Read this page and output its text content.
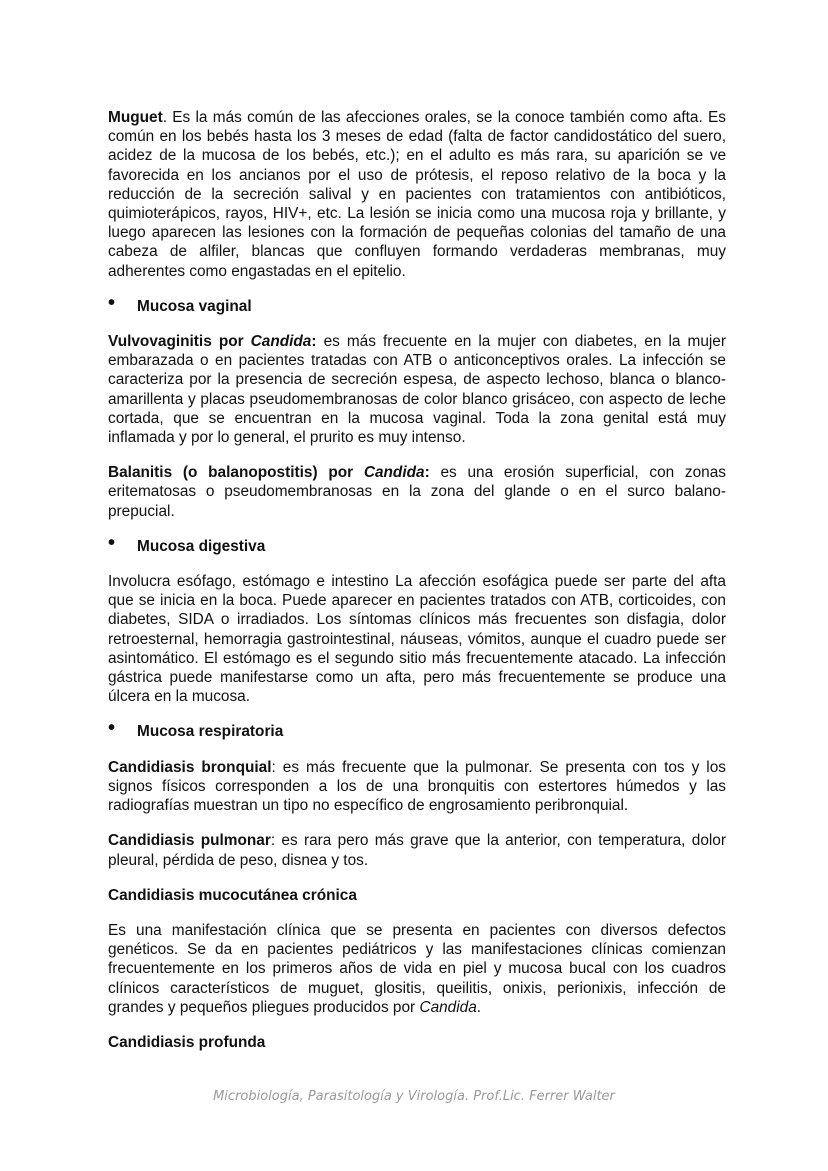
Muguet. Es la más común de las afecciones orales, se la conoce también como afta. Es común en los bebés hasta los 3 meses de edad (falta de factor candidostático del suero, acidez de la mucosa de los bebés, etc.); en el adulto es más rara, su aparición se ve favorecida en los ancianos por el uso de prótesis, el reposo relativo de la boca y la reducción de la secreción salival y en pacientes con tratamientos con antibióticos, quimioterápicos, rayos, HIV+, etc. La lesión se inicia como una mucosa roja y brillante, y luego aparecen las lesiones con la formación de pequeñas colonias del tamaño de una cabeza de alfiler, blancas que confluyen formando verdaderas membranas, muy adherentes como engastadas en el epitelio.

• Mucosa vaginal

Vulvovaginitis por Candida: es más frecuente en la mujer con diabetes, en la mujer embarazada o en pacientes tratadas con ATB o anticonceptivos orales. La infección se caracteriza por la presencia de secreción espesa, de aspecto lechoso, blanca o blanco-amarillenta y placas pseudomembranosas de color blanco grisáceo, con aspecto de leche cortada, que se encuentran en la mucosa vaginal. Toda la zona genital está muy inflamada y por lo general, el prurito es muy intenso.

Balanitis (o balanopostitis) por Candida: es una erosión superficial, con zonas eritematosas o pseudomembranosas en la zona del glande o en el surco balano-prepucial.

• Mucosa digestiva

Involucra esófago, estómago e intestino La afección esofágica puede ser parte del afta que se inicia en la boca. Puede aparecer en pacientes tratados con ATB, corticoides, con diabetes, SIDA o irradiados. Los síntomas clínicos más frecuentes son disfagia, dolor retroesternal, hemorragia gastrointestinal, náuseas, vómitos, aunque el cuadro puede ser asintomático. El estómago es el segundo sitio más frecuentemente atacado. La infección gástrica puede manifestarse como un afta, pero más frecuentemente se produce una úlcera en la mucosa.

• Mucosa respiratoria

Candidiasis bronquial: es más frecuente que la pulmonar. Se presenta con tos y los signos físicos corresponden a los de una bronquitis con estertores húmedos y las radiografías muestran un tipo no específico de engrosamiento peribronquial.

Candidiasis pulmonar: es rara pero más grave que la anterior, con temperatura, dolor pleural, pérdida de peso, disnea y tos.

Candidiasis mucocutánea crónica

Es una manifestación clínica que se presenta en pacientes con diversos defectos genéticos. Se da en pacientes pediátricos y las manifestaciones clínicas comienzan frecuentemente en los primeros años de vida en piel y mucosa bucal con los cuadros clínicos característicos de muguet, glositis, queilitis, onixis, perionixis, infección de grandes y pequeños pliegues producidos por Candida.

Candidiasis profunda

Microbiología, Parasitología y Virología. Prof.Lic. Ferrer Walter
